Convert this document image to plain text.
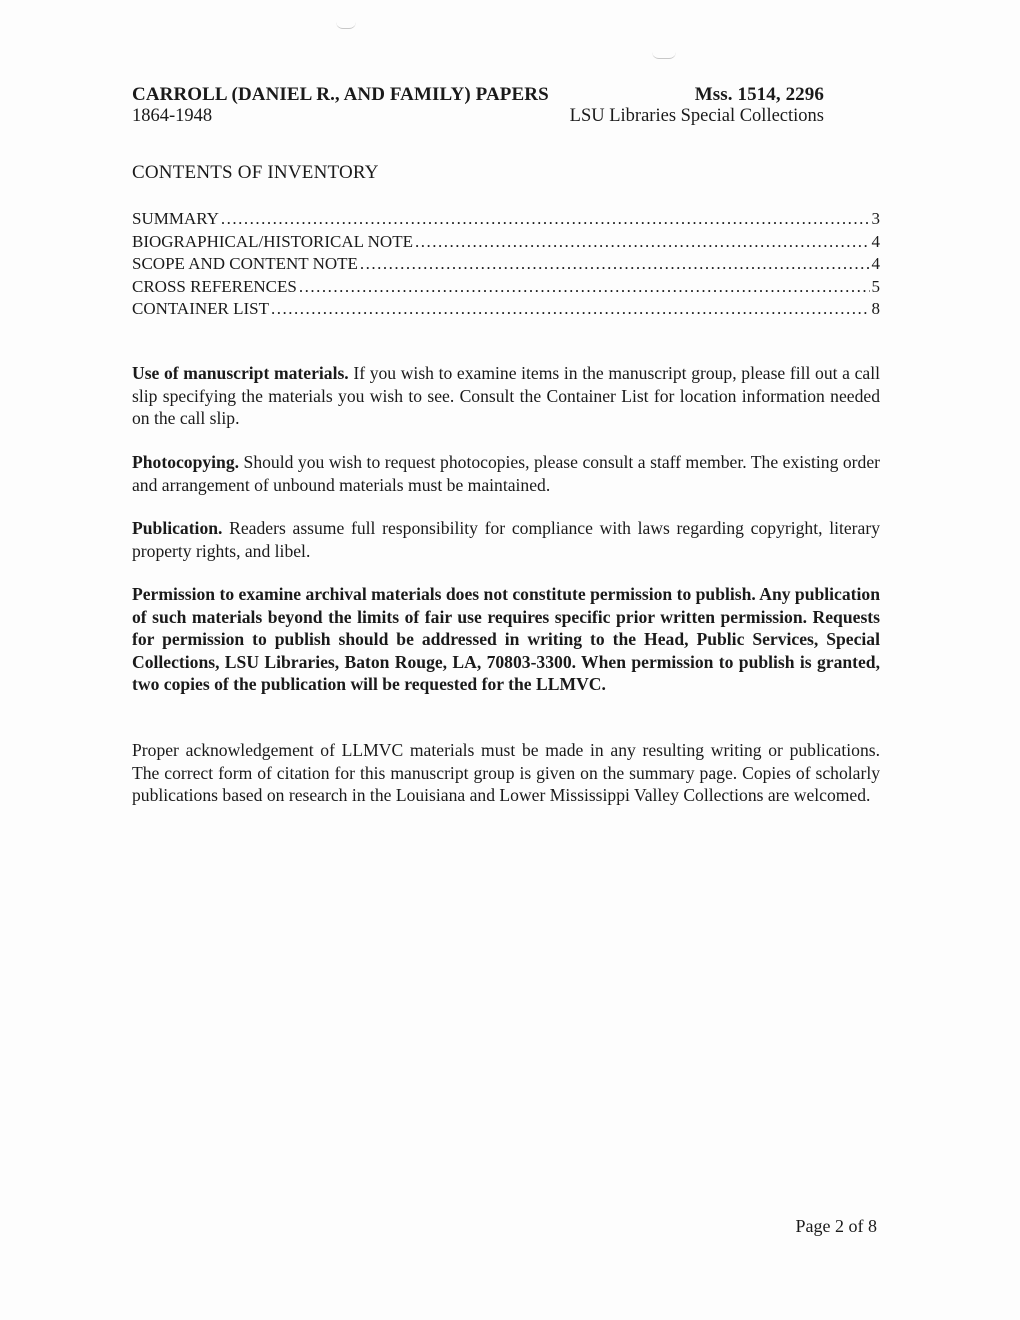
CARROLL (DANIEL R., AND FAMILY) PAPERS	Mss. 1514, 2296
1864-1948	LSU Libraries Special Collections
CONTENTS OF INVENTORY
SUMMARY .....	3
BIOGRAPHICAL/HISTORICAL NOTE .....	4
SCOPE AND CONTENT NOTE .....	4
CROSS REFERENCES .....	5
CONTAINER LIST .....	8

Use of manuscript materials. If you wish to examine items in the manuscript group, please fill out a call slip specifying the materials you wish to see. Consult the Container List for location information needed on the call slip.

Photocopying. Should you wish to request photocopies, please consult a staff member. The existing order and arrangement of unbound materials must be maintained.

Publication. Readers assume full responsibility for compliance with laws regarding copyright, literary property rights, and libel.

Permission to examine archival materials does not constitute permission to publish. Any publication of such materials beyond the limits of fair use requires specific prior written permission. Requests for permission to publish should be addressed in writing to the Head, Public Services, Special Collections, LSU Libraries, Baton Rouge, LA, 70803-3300. When permission to publish is granted, two copies of the publication will be requested for the LLMVC.

Proper acknowledgement of LLMVC materials must be made in any resulting writing or publications. The correct form of citation for this manuscript group is given on the summary page. Copies of scholarly publications based on research in the Louisiana and Lower Mississippi Valley Collections are welcomed.

Page 2 of 8
